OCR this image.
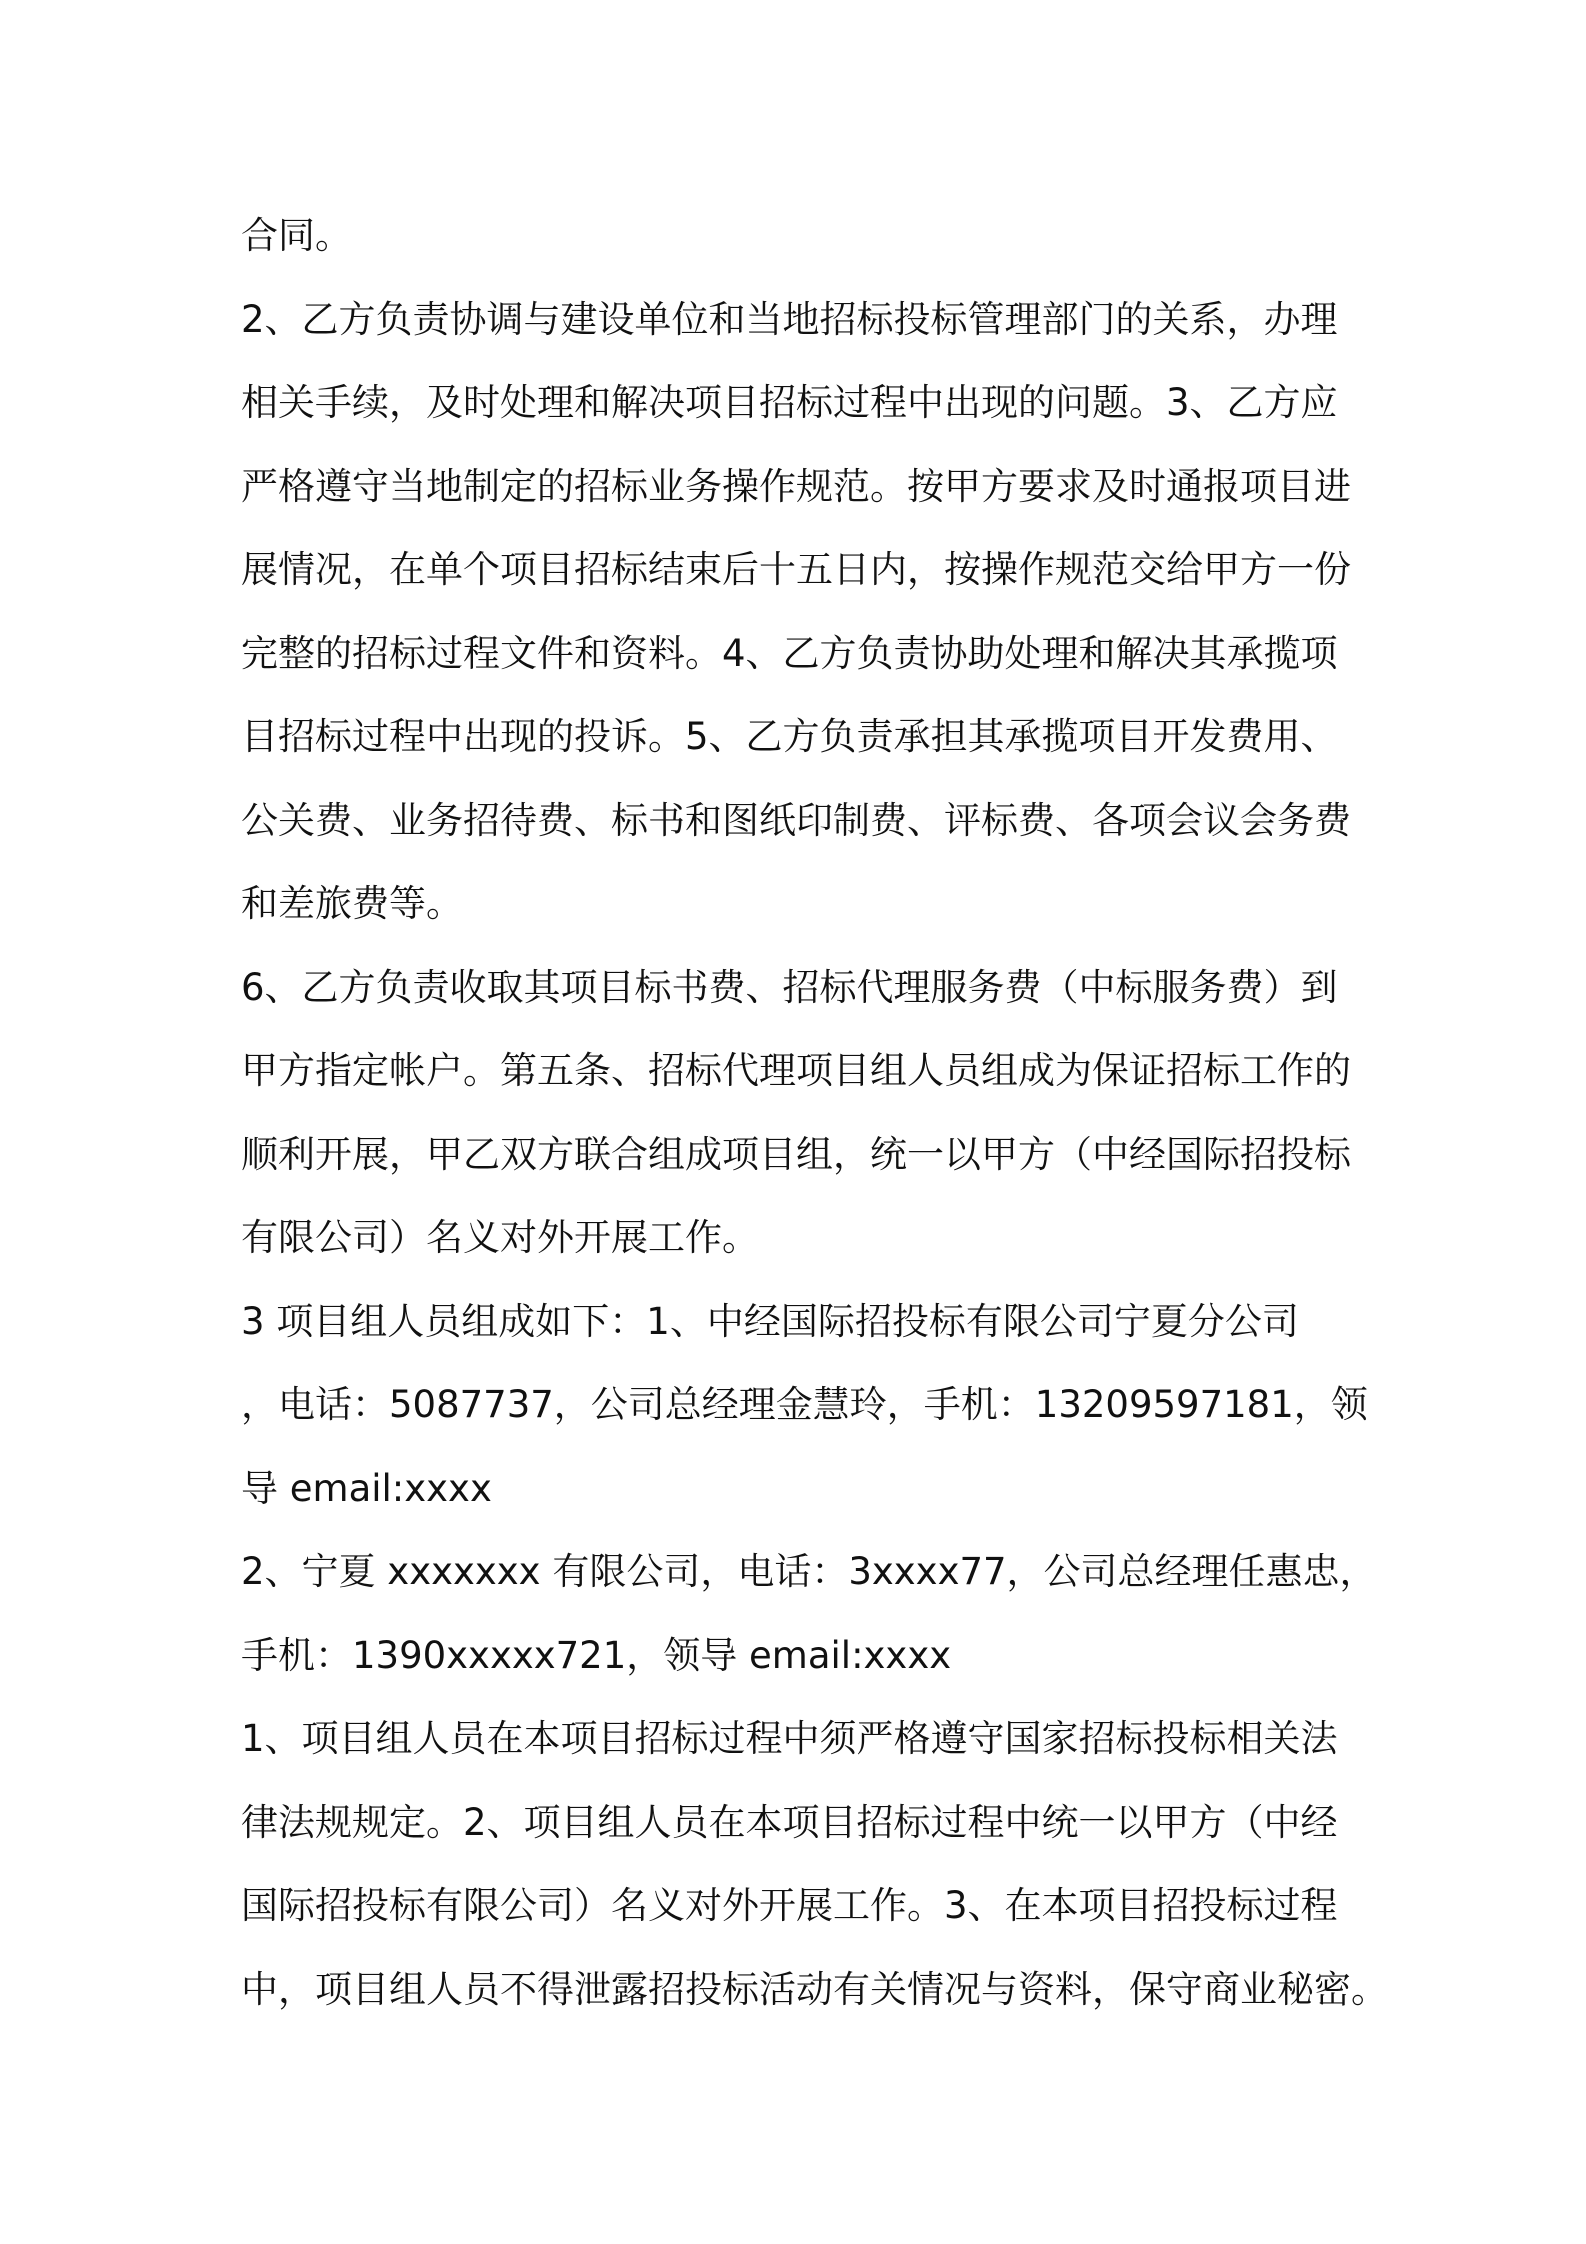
合同。
2、乙方负责协调与建设单位和当地招标投标管理部门的关系，办理
相关手续，及时处理和解决项目招标过程中出现的问题。3、乙方应
严格遵守当地制定的招标业务操作规范。按甲方要求及时通报项目进
展情况，在单个项目招标结束后十五日内，按操作规范交给甲方一份
完整的招标过程文件和资料。4、乙方负责协助处理和解决其承揽项
目招标过程中出现的投诉。5、乙方负责承担其承揽项目开发费用、
公关费、业务招待费、标书和图纸印制费、评标费、各项会议会务费
和差旅费等。
6、乙方负责收取其项目标书费、招标代理服务费（中标服务费）到
甲方指定帐户。第五条、招标代理项目组人员组成为保证招标工作的
顺利开展，甲乙双方联合组成项目组，统一以甲方（中经国际招投标
有限公司）名义对外开展工作。
3 项目组人员组成如下：1、中经国际招投标有限公司宁夏分公司
，电话：5087737，公司总经理金慧玲，手机：13209597181，领
导 email:xxxx
2、宁夏 xxxxxxx 有限公司，电话：3xxxx77，公司总经理任惠忠，
手机：1390xxxxx721，领导 email:xxxx
1、项目组人员在本项目招标过程中须严格遵守国家招标投标相关法
律法规规定。2、项目组人员在本项目招标过程中统一以甲方（中经
国际招投标有限公司）名义对外开展工作。3、在本项目招投标过程
中，项目组人员不得泄露招投标活动有关情况与资料，保守商业秘密。
